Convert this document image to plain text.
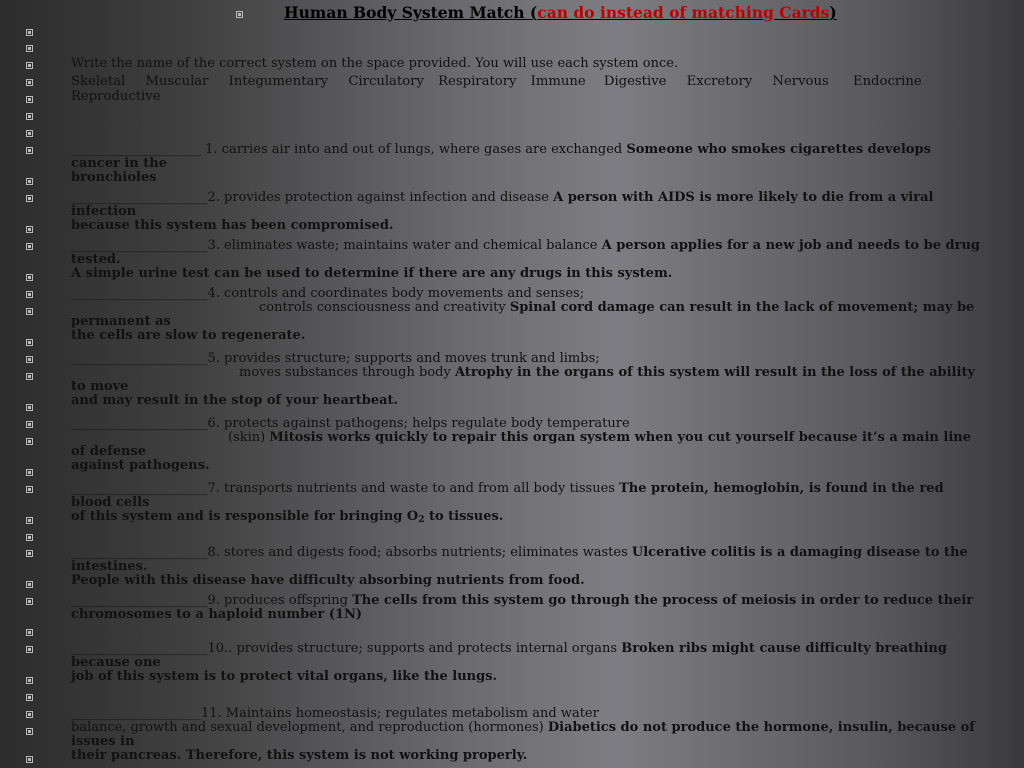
Human Body System Match (can do instead of matching Cards)
Write the name of the correct system on the space provided. You will use each system once.
Skeletal Muscular Integumentary Circulatory Respiratory Immune Digestive Excretory Nervous Endocrine Reproductive
____________________ 1. carries air into and out of lungs, where gases are exchanged Someone who smokes cigarettes develops cancer in the
bronchioles
_____________________2. provides protection against infection and disease A person with AIDS is more likely to die from a viral infection
because this system has been compromised.
_____________________3. eliminates waste; maintains water and chemical balance A person applies for a new job and needs to be drug tested.
A simple urine test can be used to determine if there are any drugs in this system.
_____________________4. controls and coordinates body movements and senses;
controls consciousness and creativity Spinal cord damage can result in the lack of movement; may be permanent as
the cells are slow to regenerate.
_____________________5. provides structure; supports and moves trunk and limbs;
moves substances through body Atrophy in the organs of this system will result in the loss of the ability to move
and may result in the stop of your heartbeat.
_____________________6. protects against pathogens; helps regulate body temperature
(skin) Mitosis works quickly to repair this organ system when you cut yourself because it’s a main line of defense
against pathogens.
_____________________7. transports nutrients and waste to and from all body tissues The protein, hemoglobin, is found in the red blood cells
of this system and is responsible for bringing $O_2$ to tissues.
_____________________8. stores and digests food; absorbs nutrients; eliminates wastes Ulcerative colitis is a damaging disease to the intestines.
People with this disease have difficulty absorbing nutrients from food.
_____________________9. produces offspring The cells from this system go through the process of meiosis in order to reduce their
chromosomes to a haploid number (1N)
_____________________10.. provides structure; supports and protects internal organs Broken ribs might cause difficulty breathing because one
job of this system is to protect vital organs, like the lungs.
____________________11. Maintains homeostasis; regulates metabolism and water
balance, growth and sexual development, and reproduction (hormones) Diabetics do not produce the hormone, insulin, because of issues in
their pancreas. Therefore, this system is not working properly.
